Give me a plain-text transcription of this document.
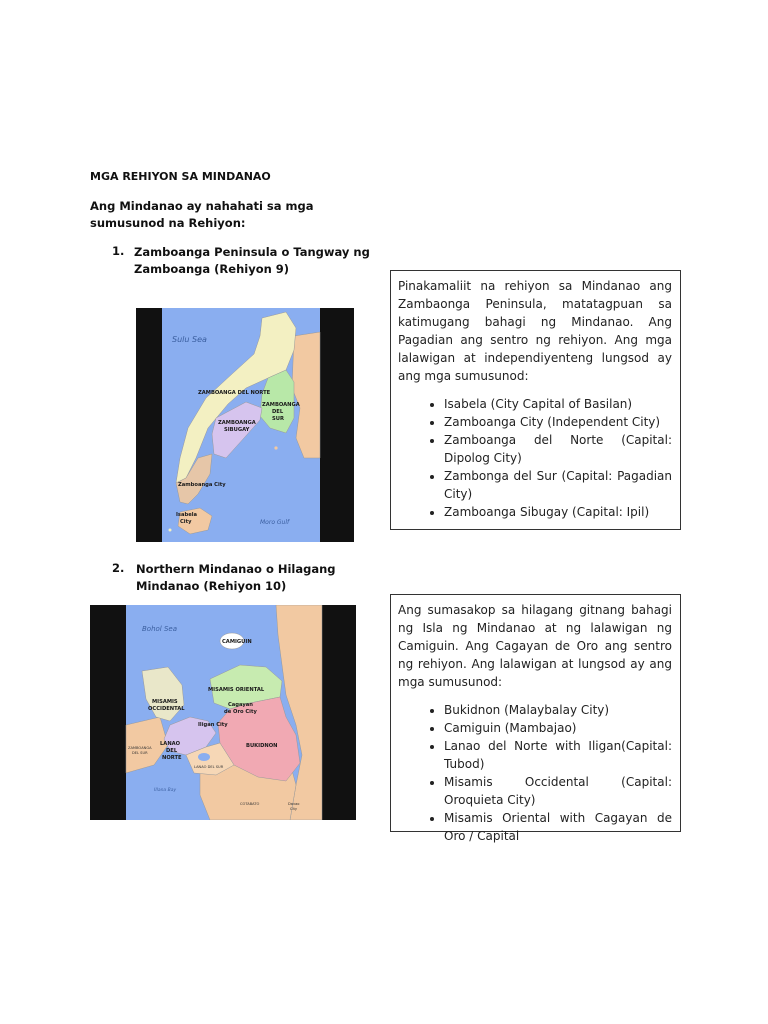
MGA REHIYON SA MINDANAO
Ang Mindanao ay nahahati sa mga sumusunod na Rehiyon:
1. Zamboanga Peninsula o Tangway ng
Zamboanga (Rehiyon 9)
Sulu Sea
ZAMBOANGA DEL NORTE
ZAMBOANGA
DEL
SUR
ZAMBOANGA
SIBUGAY
Zamboanga City
Isabela
City	Moro Gulf

Pinakamaliit na rehiyon sa Mindanao ang Zambaonga Peninsula, matatagpuan sa katimugang bahagi ng Mindanao. Ang Pagadian ang sentro ng rehiyon. Ang mga lalawigan at independiyenteng lungsod ay ang mga sumusunod:

• Isabela (City Capital of Basilan)
• Zamboanga City (Independent City)
• Zamboanga del Norte (Capital: Dipolog City)
• Zambonga del Sur (Capital: Pagadian City)
• Zamboanga Sibugay (Capital: Ipil)
2. Northern Mindanao o Hilagang
Mindanao (Rehiyon 10)
Bohol Sea
CAMIGUIN
MISAMIS ORIENTAL
MISAMIS
OCCIDENTAL
Cagayan
de Oro City
Iligan City
LANAO
DEL
NORTE
BUKIDNON
ZAMBOANGA
DEL SUR
LANAO DEL SUR
COTABATO	Davao
City
Illana Bay

Ang sumasakop sa hilagang gitnang bahagi ng Isla ng Mindanao at ng lalawigan ng Camiguin. Ang Cagayan de Oro ang sentro ng rehiyon. Ang lalawigan at lungsod ay ang mga sumusunod:

• Bukidnon (Malaybalay City)
• Camiguin (Mambajao)
• Lanao del Norte with Iligan(Capital: Tubod)
• Misamis Occidental (Capital: Oroquieta City)
• Misamis Oriental with Cagayan de Oro / Capital
